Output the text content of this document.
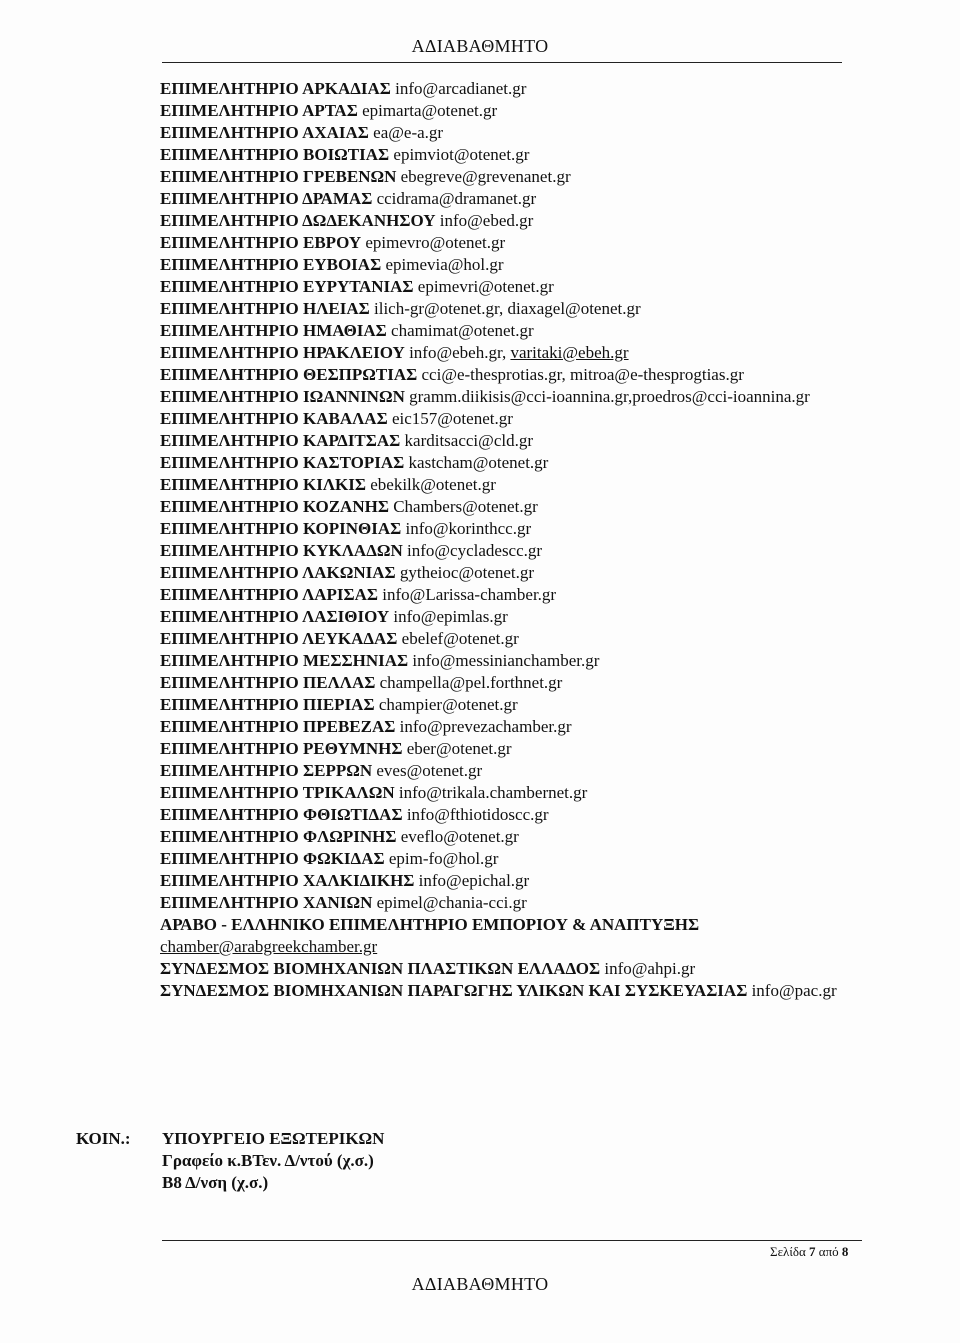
ΑΔΙΑΒΑΘΜΗΤΟ

ΕΠΙΜΕΛΗΤΗΡΙΟ ΑΡΚΑΔΙΑΣ info@arcadianet.gr

ΕΠΙΜΕΛΗΤΗΡΙΟ ΑΡΤΑΣ epimarta@otenet.gr

ΕΠΙΜΕΛΗΤΗΡΙΟ ΑΧΑΙΑΣ ea@e-a.gr

ΕΠΙΜΕΛΗΤΗΡΙΟ ΒΟΙΩΤΙΑΣ epimviot@otenet.gr

ΕΠΙΜΕΛΗΤΗΡΙΟ ΓΡΕΒΕΝΩΝ ebegreve@grevenanet.gr

ΕΠΙΜΕΛΗΤΗΡΙΟ ΔΡΑΜΑΣ ccidrama@dramanet.gr

ΕΠΙΜΕΛΗΤΗΡΙΟ ΔΩΔΕΚΑΝΗΣΟΥ info@ebed.gr

ΕΠΙΜΕΛΗΤΗΡΙΟ ΕΒΡΟΥ epimevro@otenet.gr

ΕΠΙΜΕΛΗΤΗΡΙΟ ΕΥΒΟΙΑΣ epimevia@hol.gr

ΕΠΙΜΕΛΗΤΗΡΙΟ ΕΥΡΥΤΑΝΙΑΣ epimevri@otenet.gr

ΕΠΙΜΕΛΗΤΗΡΙΟ ΗΛΕΙΑΣ ilich-gr@otenet.gr, diaxagel@otenet.gr

ΕΠΙΜΕΛΗΤΗΡΙΟ ΗΜΑΘΙΑΣ chamimat@otenet.gr

ΕΠΙΜΕΛΗΤΗΡΙΟ ΗΡΑΚΛΕΙΟΥ info@ebeh.gr, varitaki@ebeh.gr

ΕΠΙΜΕΛΗΤΗΡΙΟ ΘΕΣΠΡΩΤΙΑΣ cci@e-thesprotias.gr, mitroa@e-thesprogtias.gr

ΕΠΙΜΕΛΗΤΗΡΙΟ ΙΩΑΝΝΙΝΩΝ gramm.diikisis@cci-ioannina.gr,proedros@cci-ioannina.gr

ΕΠΙΜΕΛΗΤΗΡΙΟ ΚΑΒΑΛΑΣ eic157@otenet.gr

ΕΠΙΜΕΛΗΤΗΡΙΟ ΚΑΡΔΙΤΣΑΣ karditsacci@cld.gr

ΕΠΙΜΕΛΗΤΗΡΙΟ ΚΑΣΤΟΡΙΑΣ kastcham@otenet.gr

ΕΠΙΜΕΛΗΤΗΡΙΟ ΚΙΛΚΙΣ ebekilk@otenet.gr

ΕΠΙΜΕΛΗΤΗΡΙΟ ΚΟΖΑΝΗΣ Chambers@otenet.gr

ΕΠΙΜΕΛΗΤΗΡΙΟ ΚΟΡΙΝΘΙΑΣ info@korinthcc.gr

ΕΠΙΜΕΛΗΤΗΡΙΟ ΚΥΚΛΑΔΩΝ info@cycladescc.gr

ΕΠΙΜΕΛΗΤΗΡΙΟ ΛΑΚΩΝΙΑΣ gytheioc@otenet.gr

ΕΠΙΜΕΛΗΤΗΡΙΟ ΛΑΡΙΣΑΣ info@Larissa-chamber.gr

ΕΠΙΜΕΛΗΤΗΡΙΟ ΛΑΣΙΘΙΟΥ info@epimlas.gr

ΕΠΙΜΕΛΗΤΗΡΙΟ ΛΕΥΚΑΔΑΣ ebelef@otenet.gr

ΕΠΙΜΕΛΗΤΗΡΙΟ ΜΕΣΣΗΝΙΑΣ info@messinianchamber.gr

ΕΠΙΜΕΛΗΤΗΡΙΟ ΠΕΛΛΑΣ champella@pel.forthnet.gr

ΕΠΙΜΕΛΗΤΗΡΙΟ ΠΙΕΡΙΑΣ champier@otenet.gr

ΕΠΙΜΕΛΗΤΗΡΙΟ ΠΡΕΒΕΖΑΣ info@prevezachamber.gr

ΕΠΙΜΕΛΗΤΗΡΙΟ ΡΕΘΥΜΝΗΣ eber@otenet.gr

ΕΠΙΜΕΛΗΤΗΡΙΟ ΣΕΡΡΩΝ eves@otenet.gr

ΕΠΙΜΕΛΗΤΗΡΙΟ ΤΡΙΚΑΛΩΝ info@trikala.chambernet.gr

ΕΠΙΜΕΛΗΤΗΡΙΟ ΦΘΙΩΤΙΔΑΣ info@fthiotidoscc.gr

ΕΠΙΜΕΛΗΤΗΡΙΟ ΦΛΩΡΙΝΗΣ eveflo@otenet.gr

ΕΠΙΜΕΛΗΤΗΡΙΟ ΦΩΚΙΔΑΣ epim-fo@hol.gr

ΕΠΙΜΕΛΗΤΗΡΙΟ ΧΑΛΚΙΔΙΚΗΣ info@epichal.gr

ΕΠΙΜΕΛΗΤΗΡΙΟ ΧΑΝΙΩΝ epimel@chania-cci.gr

ΑΡΑΒΟ - ΕΛΛΗΝΙΚΟ ΕΠΙΜΕΛΗΤΗΡΙΟ ΕΜΠΟΡΙΟΥ & ΑΝΑΠΤΥΞΗΣ chamber@arabgreekchamber.gr

ΣΥΝΔΕΣΜΟΣ ΒΙΟΜΗΧΑΝΙΩΝ ΠΛΑΣΤΙΚΩΝ ΕΛΛΑΔΟΣ info@ahpi.gr

ΣΥΝΔΕΣΜΟΣ ΒΙΟΜΗΧΑΝΙΩΝ ΠΑΡΑΓΩΓΗΣ ΥΛΙΚΩΝ ΚΑΙ ΣΥΣΚΕΥΑΣΙΑΣ info@pac.gr

ΚΟΙΝ.: ΥΠΟΥΡΓΕΙΟ ΕΞΩΤΕΡΙΚΩΝ
Γραφείο κ.ΒΤεν. Δ/ντού (χ.σ.)
Β8 Δ/νση (χ.σ.)
Σελίδα 7 από 8
ΑΔΙΑΒΑΘΜΗΤΟ
